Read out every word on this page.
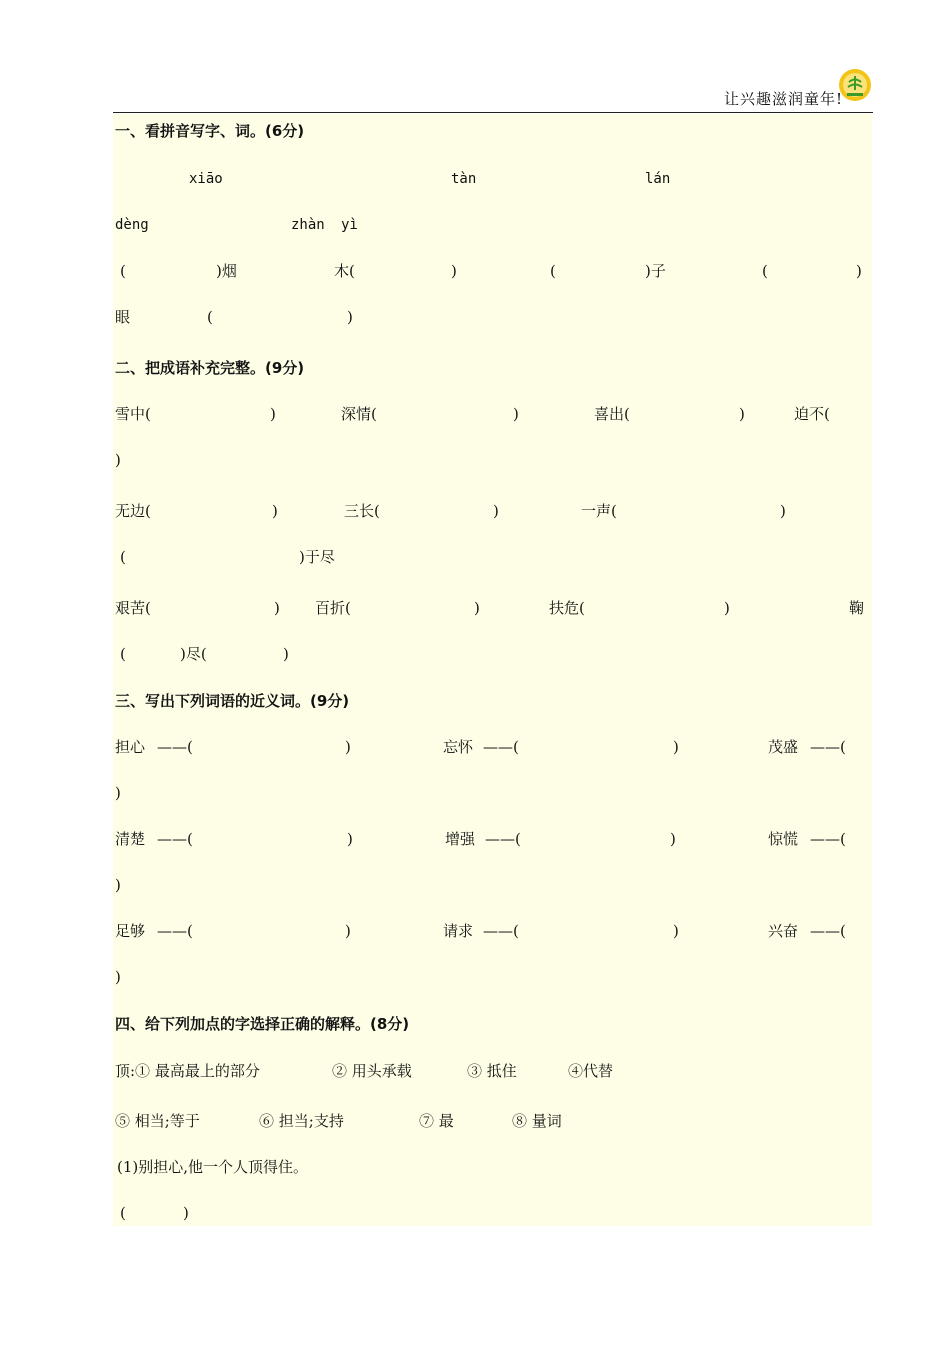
让兴趣滋润童年!
一、看拼音写字、词。(6分)
xiāo	tàn	lán
dèng	zhàn yì
(	)烟	木(	)	(	)子	(	)
眼	(	)
二、把成语补充完整。(9分)
雪中(	)	深情(	)	喜出(	)	迫不(
)
无边(	)	三长(	)	一声(	)
(	)于尽
艰苦(	) 百折(	)	扶危(	)	鞠
(	)尽(	)
三、写出下列词语的近义词。(9分)
担心 ——(	)	忘怀 ——(	)	茂盛 ——(
)
清楚 ——(	)	增强 ——(	)	惊慌 ——(
)
足够 ——(	)	请求 ——(	)	兴奋 ——(
)
四、给下列加点的字选择正确的解释。(8分)
顶:① 最高最上的部分	② 用头承载	③ 抵住	④代替
⑤ 相当;等于	⑥ 担当;支持	⑦ 最	⑧ 量词
(1)别担心,他一个人顶得住。
(	)
